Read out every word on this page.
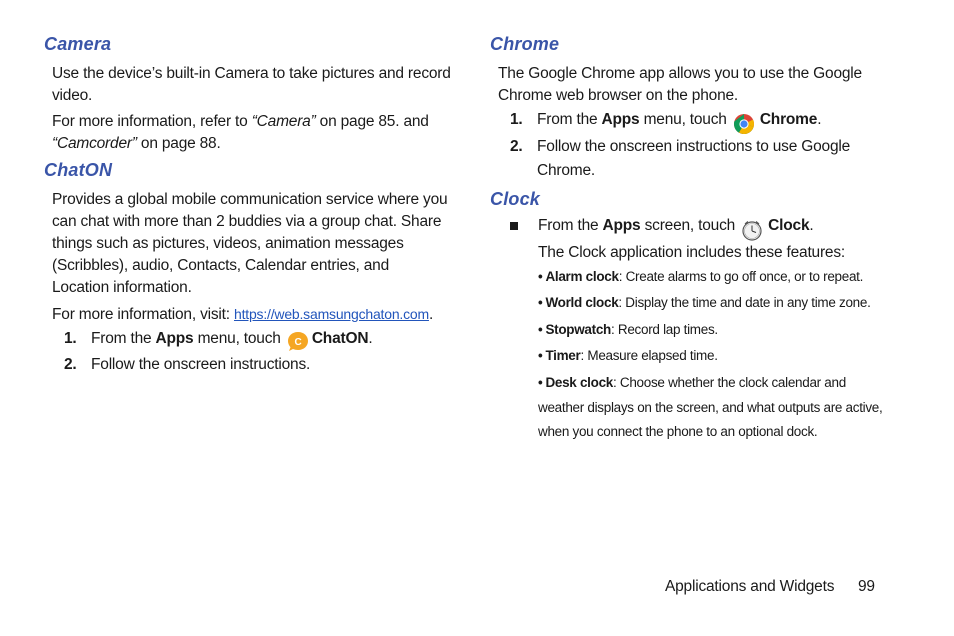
Camera

Use the device’s built-in Camera to take pictures and record video.

For more information, refer to “Camera” on page 85. and
“Camcorder” on page 88.

ChatON

Provides a global mobile communication service where you can chat with more than 2 buddies via a group chat. Share things such as pictures, videos, animation messages (Scribbles), audio, Contacts, Calendar entries, and Location information.

For more information, visit: https://web.samsungchaton.com.

1. From the Apps menu, touch C ChatON.
2. Follow the onscreen instructions.
Chrome

The Google Chrome app allows you to use the Google Chrome web browser on the phone.

1. From the Apps menu, touch
Chrome.
2. Follow the onscreen instructions to use Google Chrome.
Clock
From the Apps screen, touch
Clock.

The Clock application includes these features:

• Alarm clock: Create alarms to go off once, or to repeat.
• World clock: Display the time and date in any time zone.
• Stopwatch: Record lap times.
• Timer: Measure elapsed time.
• Desk clock: Choose whether the clock calendar and weather displays on the screen, and what outputs are active, when you connect the phone to an optional dock.
Applications and Widgets 99
